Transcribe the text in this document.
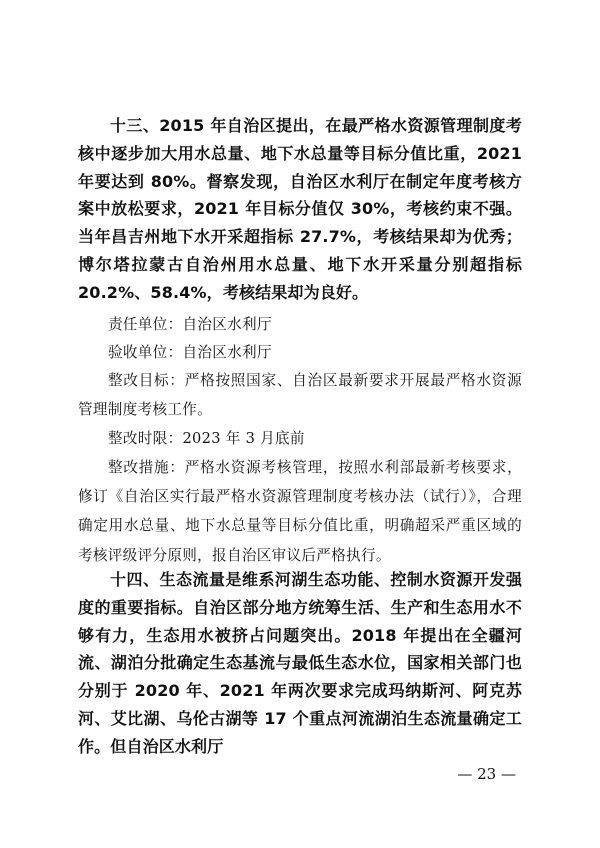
十三、2015 年自治区提出，在最严格水资源管理制度考核中逐步加大用水总量、地下水总量等目标分值比重，2021 年要达到 80%。督察发现，自治区水利厅在制定年度考核方案中放松要求，2021 年目标分值仅 30%，考核约束不强。当年昌吉州地下水开采超指标 27.7%，考核结果却为优秀；博尔塔拉蒙古自治州用水总量、地下水开采量分别超指标 20.2%、58.4%，考核结果却为良好。

责任单位：自治区水利厅

验收单位：自治区水利厅

整改目标：严格按照国家、自治区最新要求开展最严格水资源管理制度考核工作。

整改时限：2023 年 3 月底前

整改措施：严格水资源考核管理，按照水利部最新考核要求，修订《自治区实行最严格水资源管理制度考核办法（试行）》，合理确定用水总量、地下水总量等目标分值比重，明确超采严重区域的考核评级评分原则，报自治区审议后严格执行。

十四、生态流量是维系河湖生态功能、控制水资源开发强度的重要指标。自治区部分地方统筹生活、生产和生态用水不够有力，生态用水被挤占问题突出。2018 年提出在全疆河流、湖泊分批确定生态基流与最低生态水位，国家相关部门也分别于 2020 年、2021 年两次要求完成玛纳斯河、阿克苏河、艾比湖、乌伦古湖等 17 个重点河流湖泊生态流量确定工作。但自治区水利厅

— 23 —
